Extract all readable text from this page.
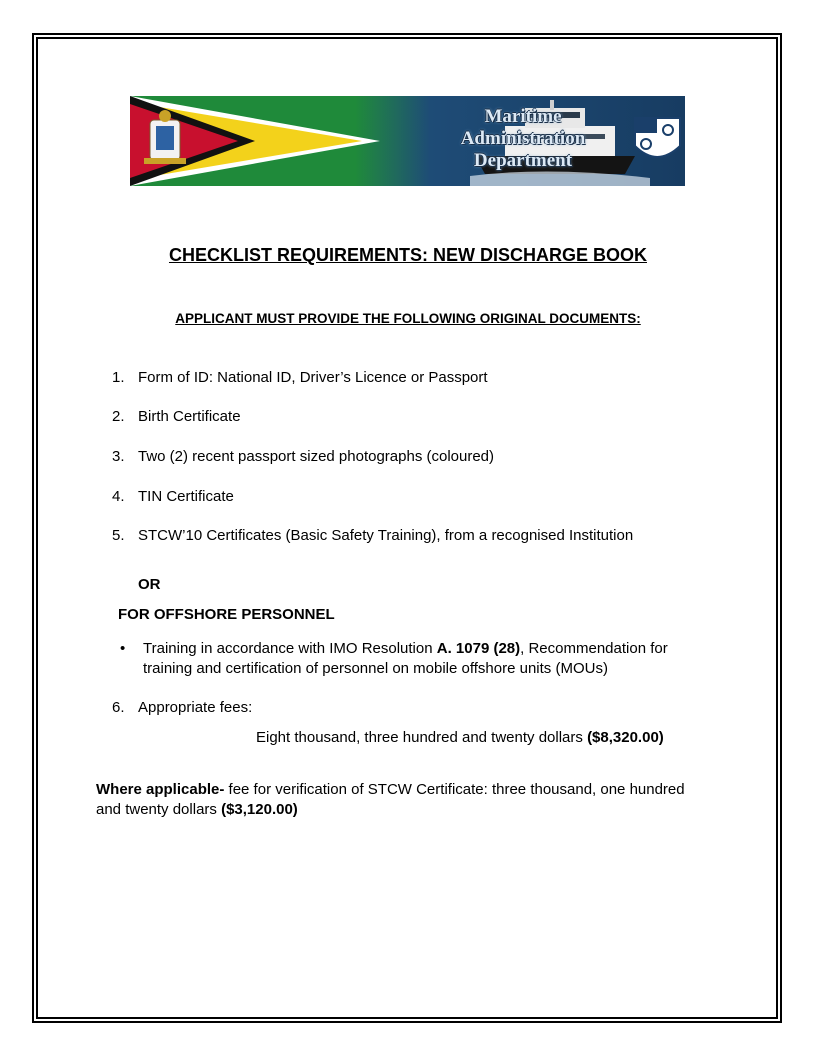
Maritime
Administration
Department
CHECKLIST REQUIREMENTS: NEW DISCHARGE BOOK
APPLICANT MUST PROVIDE THE FOLLOWING ORIGINAL DOCUMENTS:
1. Form of ID: National ID, Driver’s Licence or Passport
2. Birth Certificate
3. Two (2) recent passport sized photographs (coloured)
4. TIN Certificate
5. STCW’10 Certificates (Basic Safety Training), from a recognised Institution
OR
FOR OFFSHORE PERSONNEL
• Training in accordance with IMO Resolution A. 1079 (28), Recommendation for training and certification of personnel on mobile offshore units (MOUs)
6. Appropriate fees:
Eight thousand, three hundred and twenty dollars ($8,320.00)
Where applicable- fee for verification of STCW Certificate: three thousand, one hundred and twenty dollars ($3,120.00)
